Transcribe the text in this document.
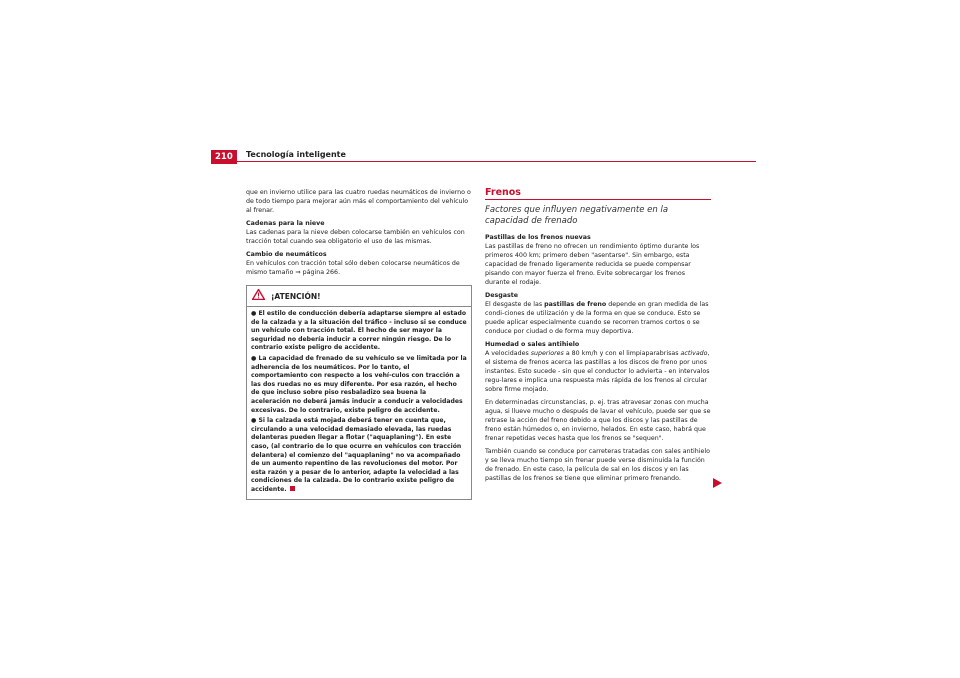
210	Tecnología inteligente

que en invierno utilice para las cuatro ruedas neumáticos de invierno o de todo tiempo para mejorar aún más el comportamiento del vehículo al frenar.

Cadenas para la nieve

Las cadenas para la nieve deben colocarse también en vehículos con tracción total cuando sea obligatorio el uso de las mismas.

Cambio de neumáticos

En vehículos con tracción total sólo deben colocarse neumáticos de mismo tamaño ⇒ página 266.

¡ATENCIÓN!
● El estilo de conducción debería adaptarse siempre al estado de la calzada y a la situación del tráfico - incluso si se conduce un vehículo con tracción total. El hecho de ser mayor la seguridad no debería inducir a correr ningún riesgo. De lo contrario existe peligro de accidente.
● La capacidad de frenado de su vehículo se ve limitada por la adherencia de los neumáticos. Por lo tanto, el comportamiento con respecto a los vehí-culos con tracción a las dos ruedas no es muy diferente. Por esa razón, el hecho de que incluso sobre piso resbaladizo sea buena la aceleración no deberá jamás inducir a conducir a velocidades excesivas. De lo contrario, existe peligro de accidente.
● Si la calzada está mojada deberá tener en cuenta que, circulando a una velocidad demasiado elevada, las ruedas delanteras pueden llegar a flotar ("aquaplaning"). En este caso, (al contrario de lo que ocurre en vehículos con tracción delantera) el comienzo del "aquaplaning" no va acompañado de un aumento repentino de las revoluciones del motor. Por esta razón y a pesar de lo anterior, adapte la velocidad a las condiciones de la calzada. De lo contrario existe peligro de accidente.
Frenos
Factores que influyen negativamente en la capacidad de frenado

Pastillas de los frenos nuevas

Las pastillas de freno no ofrecen un rendimiento óptimo durante los primeros 400 km; primero deben "asentarse". Sin embargo, esta capacidad de frenado ligeramente reducida se puede compensar pisando con mayor fuerza el freno. Evite sobrecargar los frenos durante el rodaje.

Desgaste

El desgaste de las pastillas de freno depende en gran medida de las condi-ciones de utilización y de la forma en que se conduce. Esto se puede aplicar especialmente cuando se recorren tramos cortos o se conduce por ciudad o de forma muy deportiva.

Humedad o sales antihielo

A velocidades superiores a 80 km/h y con el limpiaparabrisas activado, el sistema de frenos acerca las pastillas a los discos de freno por unos instantes. Esto sucede - sin que el conductor lo advierta - en intervalos regu-lares e implica una respuesta más rápida de los frenos al circular sobre firme mojado.

En determinadas circunstancias, p. ej. tras atravesar zonas con mucha agua, si llueve mucho o después de lavar el vehículo, puede ser que se retrase la acción del freno debido a que los discos y las pastillas de freno están húmedos o, en invierno, helados. En este caso, habrá que frenar repetidas veces hasta que los frenos se "sequen".

También cuando se conduce por carreteras tratadas con sales antihielo y se lleva mucho tiempo sin frenar puede verse disminuida la función de frenado. En este caso, la película de sal en los discos y en las pastillas de los frenos se tiene que eliminar primero frenando.
